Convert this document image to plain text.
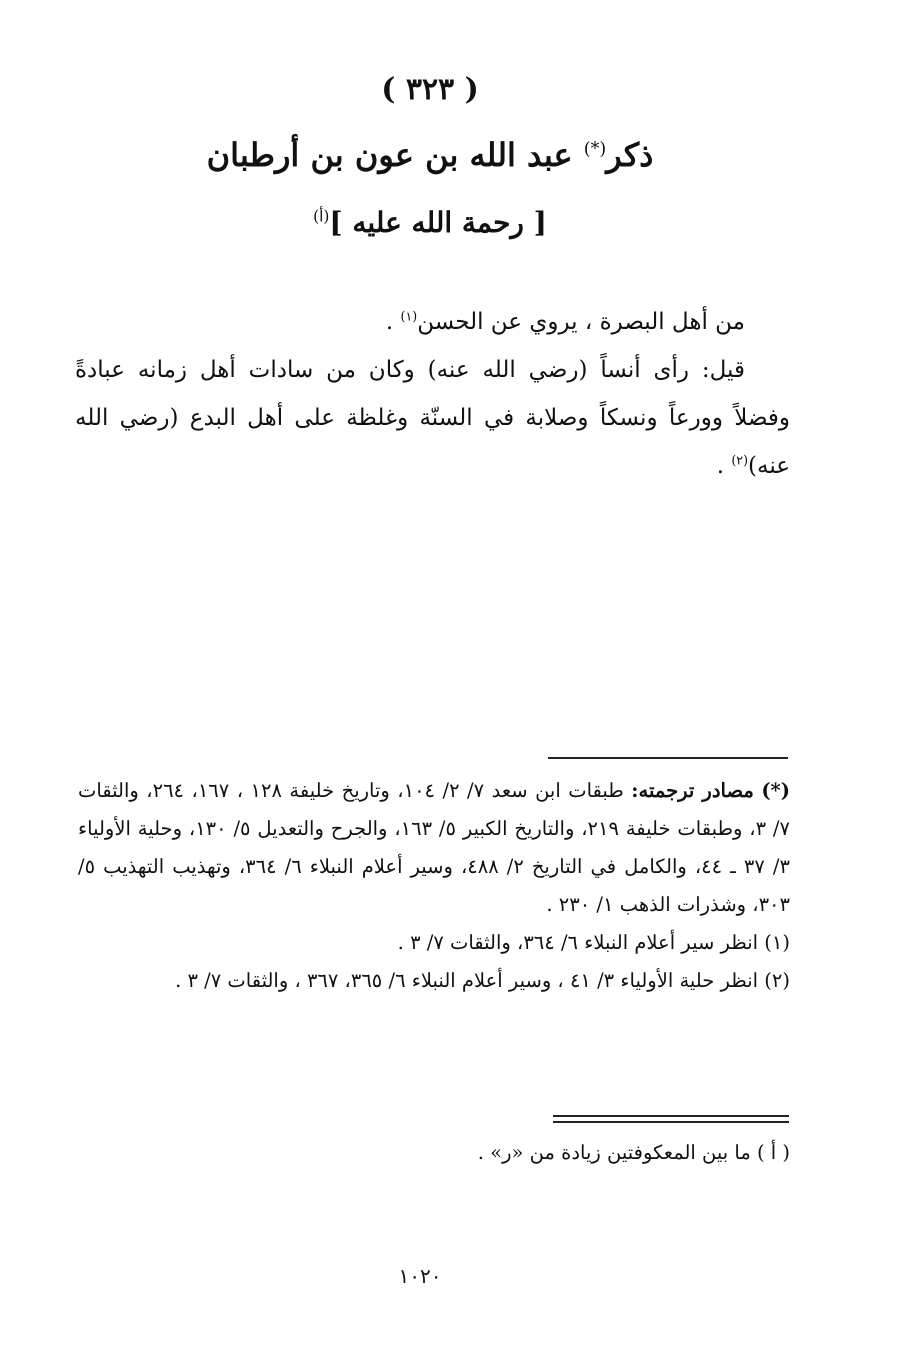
( ٣٢٣ )
ذكر(*) عبد الله بن عون بن أرطبان
[ رحمة الله عليه ]$^{(أ)}$

من أهل البصرة ، يروي عن الحسن$^{(١)}$ .

قيل: رأى أنساً (رضي الله عنه) وكان من سادات أهل زمانه عبادةً وفضلاً وورعاً ونسكاً وصلابة في السنّة وغلظة على أهل البدع (رضي الله عنه)$^{(٢)}$ .

(*) مصادر ترجمته: طبقات ابن سعد ٧/ ٢/ ١٠٤، وتاريخ خليفة ١٢٨ ، ١٦٧، ٢٦٤، والثقات ٧/ ٣، وطبقات خليفة ٢١٩، والتاريخ الكبير ٥/ ١٦٣، والجرح والتعديل ٥/ ١٣٠، وحلية الأولياء ٣/ ٣٧ ـ ٤٤، والكامل في التاريخ ٢/ ٤٨٨، وسير أعلام النبلاء ٦/ ٣٦٤، وتهذيب التهذيب ٥/ ٣٠٣، وشذرات الذهب ١/ ٢٣٠ .

(١) انظر سير أعلام النبلاء ٦/ ٣٦٤، والثقات ٧/ ٣ .

(٢) انظر حلية الأولياء ٣/ ٤١ ، وسير أعلام النبلاء ٦/ ٣٦٥، ٣٦٧ ، والثقات ٧/ ٣ .

( أ ) ما بين المعكوفتين زيادة من «ر» .
١٠٢٠
